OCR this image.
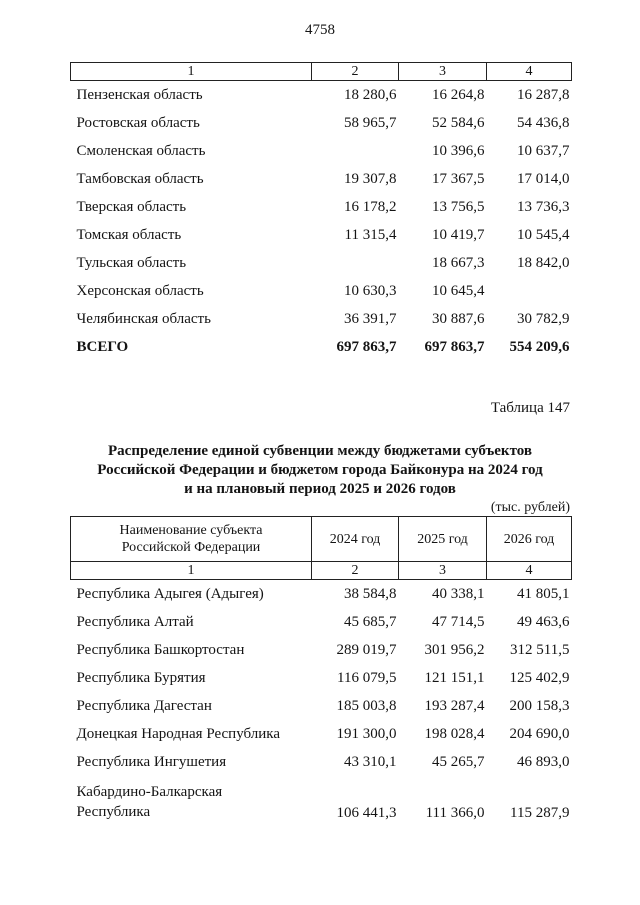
4758
1	2	3	4
Пензенская область	18 280,6	16 264,8	16 287,8
Ростовская область	58 965,7	52 584,6	54 436,8
Смоленская область		10 396,6	10 637,7
Тамбовская область	19 307,8	17 367,5	17 014,0
Тверская область	16 178,2	13 756,5	13 736,3
Томская область	11 315,4	10 419,7	10 545,4
Тульская область		18 667,3	18 842,0
Херсонская область	10 630,3	10 645,4	
Челябинская область	36 391,7	30 887,6	30 782,9
ВСЕГО	697 863,7	697 863,7	554 209,6
Таблица 147
Распределение единой субвенции между бюджетами субъектов
Российской Федерации и бюджетом города Байконура на 2024 год
и на плановый период 2025 и 2026 годов
(тыс. рублей)
Наименование субъекта
Российской Федерации	2024 год	2025 год	2026 год
1	2	3	4
Республика Адыгея (Адыгея)	38 584,8	40 338,1	41 805,1
Республика Алтай	45 685,7	47 714,5	49 463,6
Республика Башкортостан	289 019,7	301 956,2	312 511,5
Республика Бурятия	116 079,5	121 151,1	125 402,9
Республика Дагестан	185 003,8	193 287,4	200 158,3
Донецкая Народная Республика	191 300,0	198 028,4	204 690,0
Республика Ингушетия	43 310,1	45 265,7	46 893,0

Кабардино-Балкарская
Республика	106 441,3	111 366,0	115 287,9
